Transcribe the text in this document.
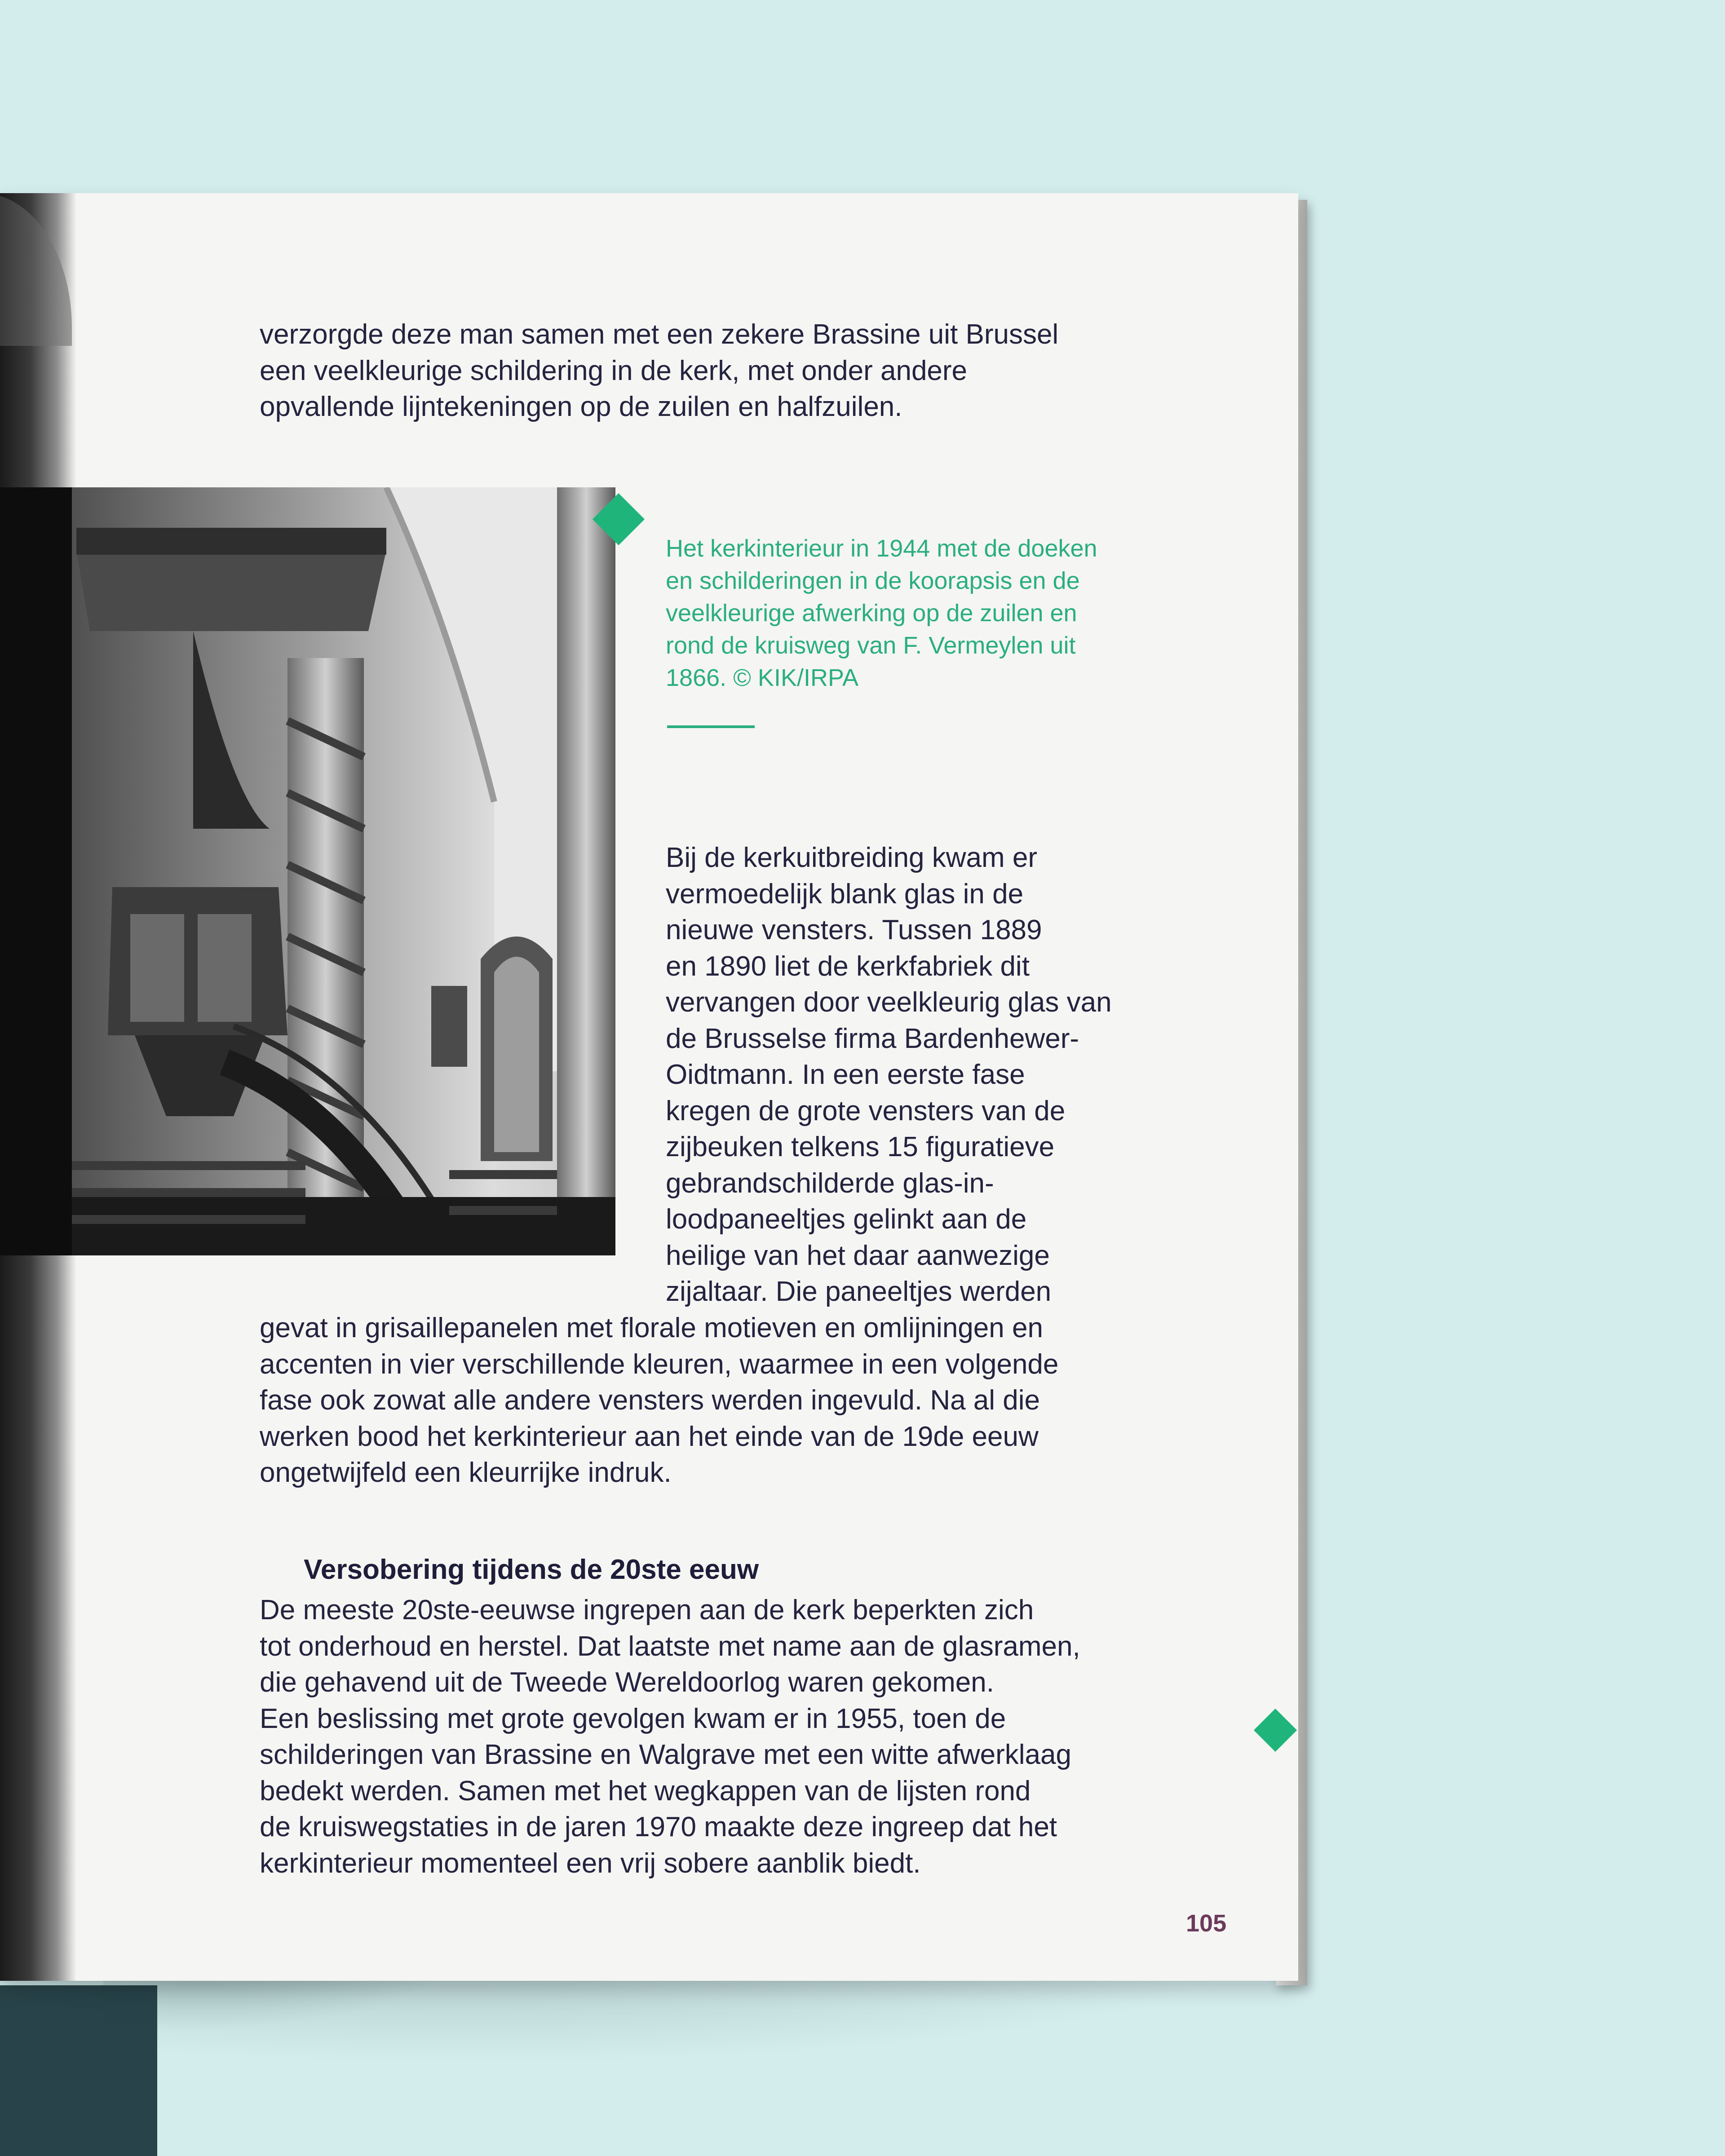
verzorgde deze man samen met een zekere Brassine uit Brussel
een veelkleurige schildering in de kerk, met onder andere
opvallende lijntekeningen op de zuilen en halfzuilen.
Het kerkinterieur in 1944 met de doeken
en schilderingen in de koorapsis en de
veelkleurige afwerking op de zuilen en
rond de kruisweg van F. Vermeylen uit
1866. © KIK/IRPA
Bij de kerkuitbreiding kwam er
vermoedelijk blank glas in de
nieuwe vensters. Tussen 1889
en 1890 liet de kerkfabriek dit
vervangen door veelkleurig glas van
de Brusselse firma Bardenhewer-
Oidtmann. In een eerste fase
kregen de grote vensters van de
zijbeuken telkens 15 figuratieve
gebrandschilderde glas-in-
loodpaneeltjes gelinkt aan de
heilige van het daar aanwezige
zijaltaar. Die paneeltjes werden
gevat in grisaillepanelen met florale motieven en omlijningen en
accenten in vier verschillende kleuren, waarmee in een volgende
fase ook zowat alle andere vensters werden ingevuld. Na al die
werken bood het kerkinterieur aan het einde van de 19de eeuw
ongetwijfeld een kleurrijke indruk.
Versobering tijdens de 20ste eeuw
De meeste 20ste-eeuwse ingrepen aan de kerk beperkten zich
tot onderhoud en herstel. Dat laatste met name aan de glasramen,
die gehavend uit de Tweede Wereldoorlog waren gekomen.
Een beslissing met grote gevolgen kwam er in 1955, toen de
schilderingen van Brassine en Walgrave met een witte afwerklaag
bedekt werden. Samen met het wegkappen van de lijsten rond
de kruiswegstaties in de jaren 1970 maakte deze ingreep dat het
kerkinterieur momenteel een vrij sobere aanblik biedt.
105
